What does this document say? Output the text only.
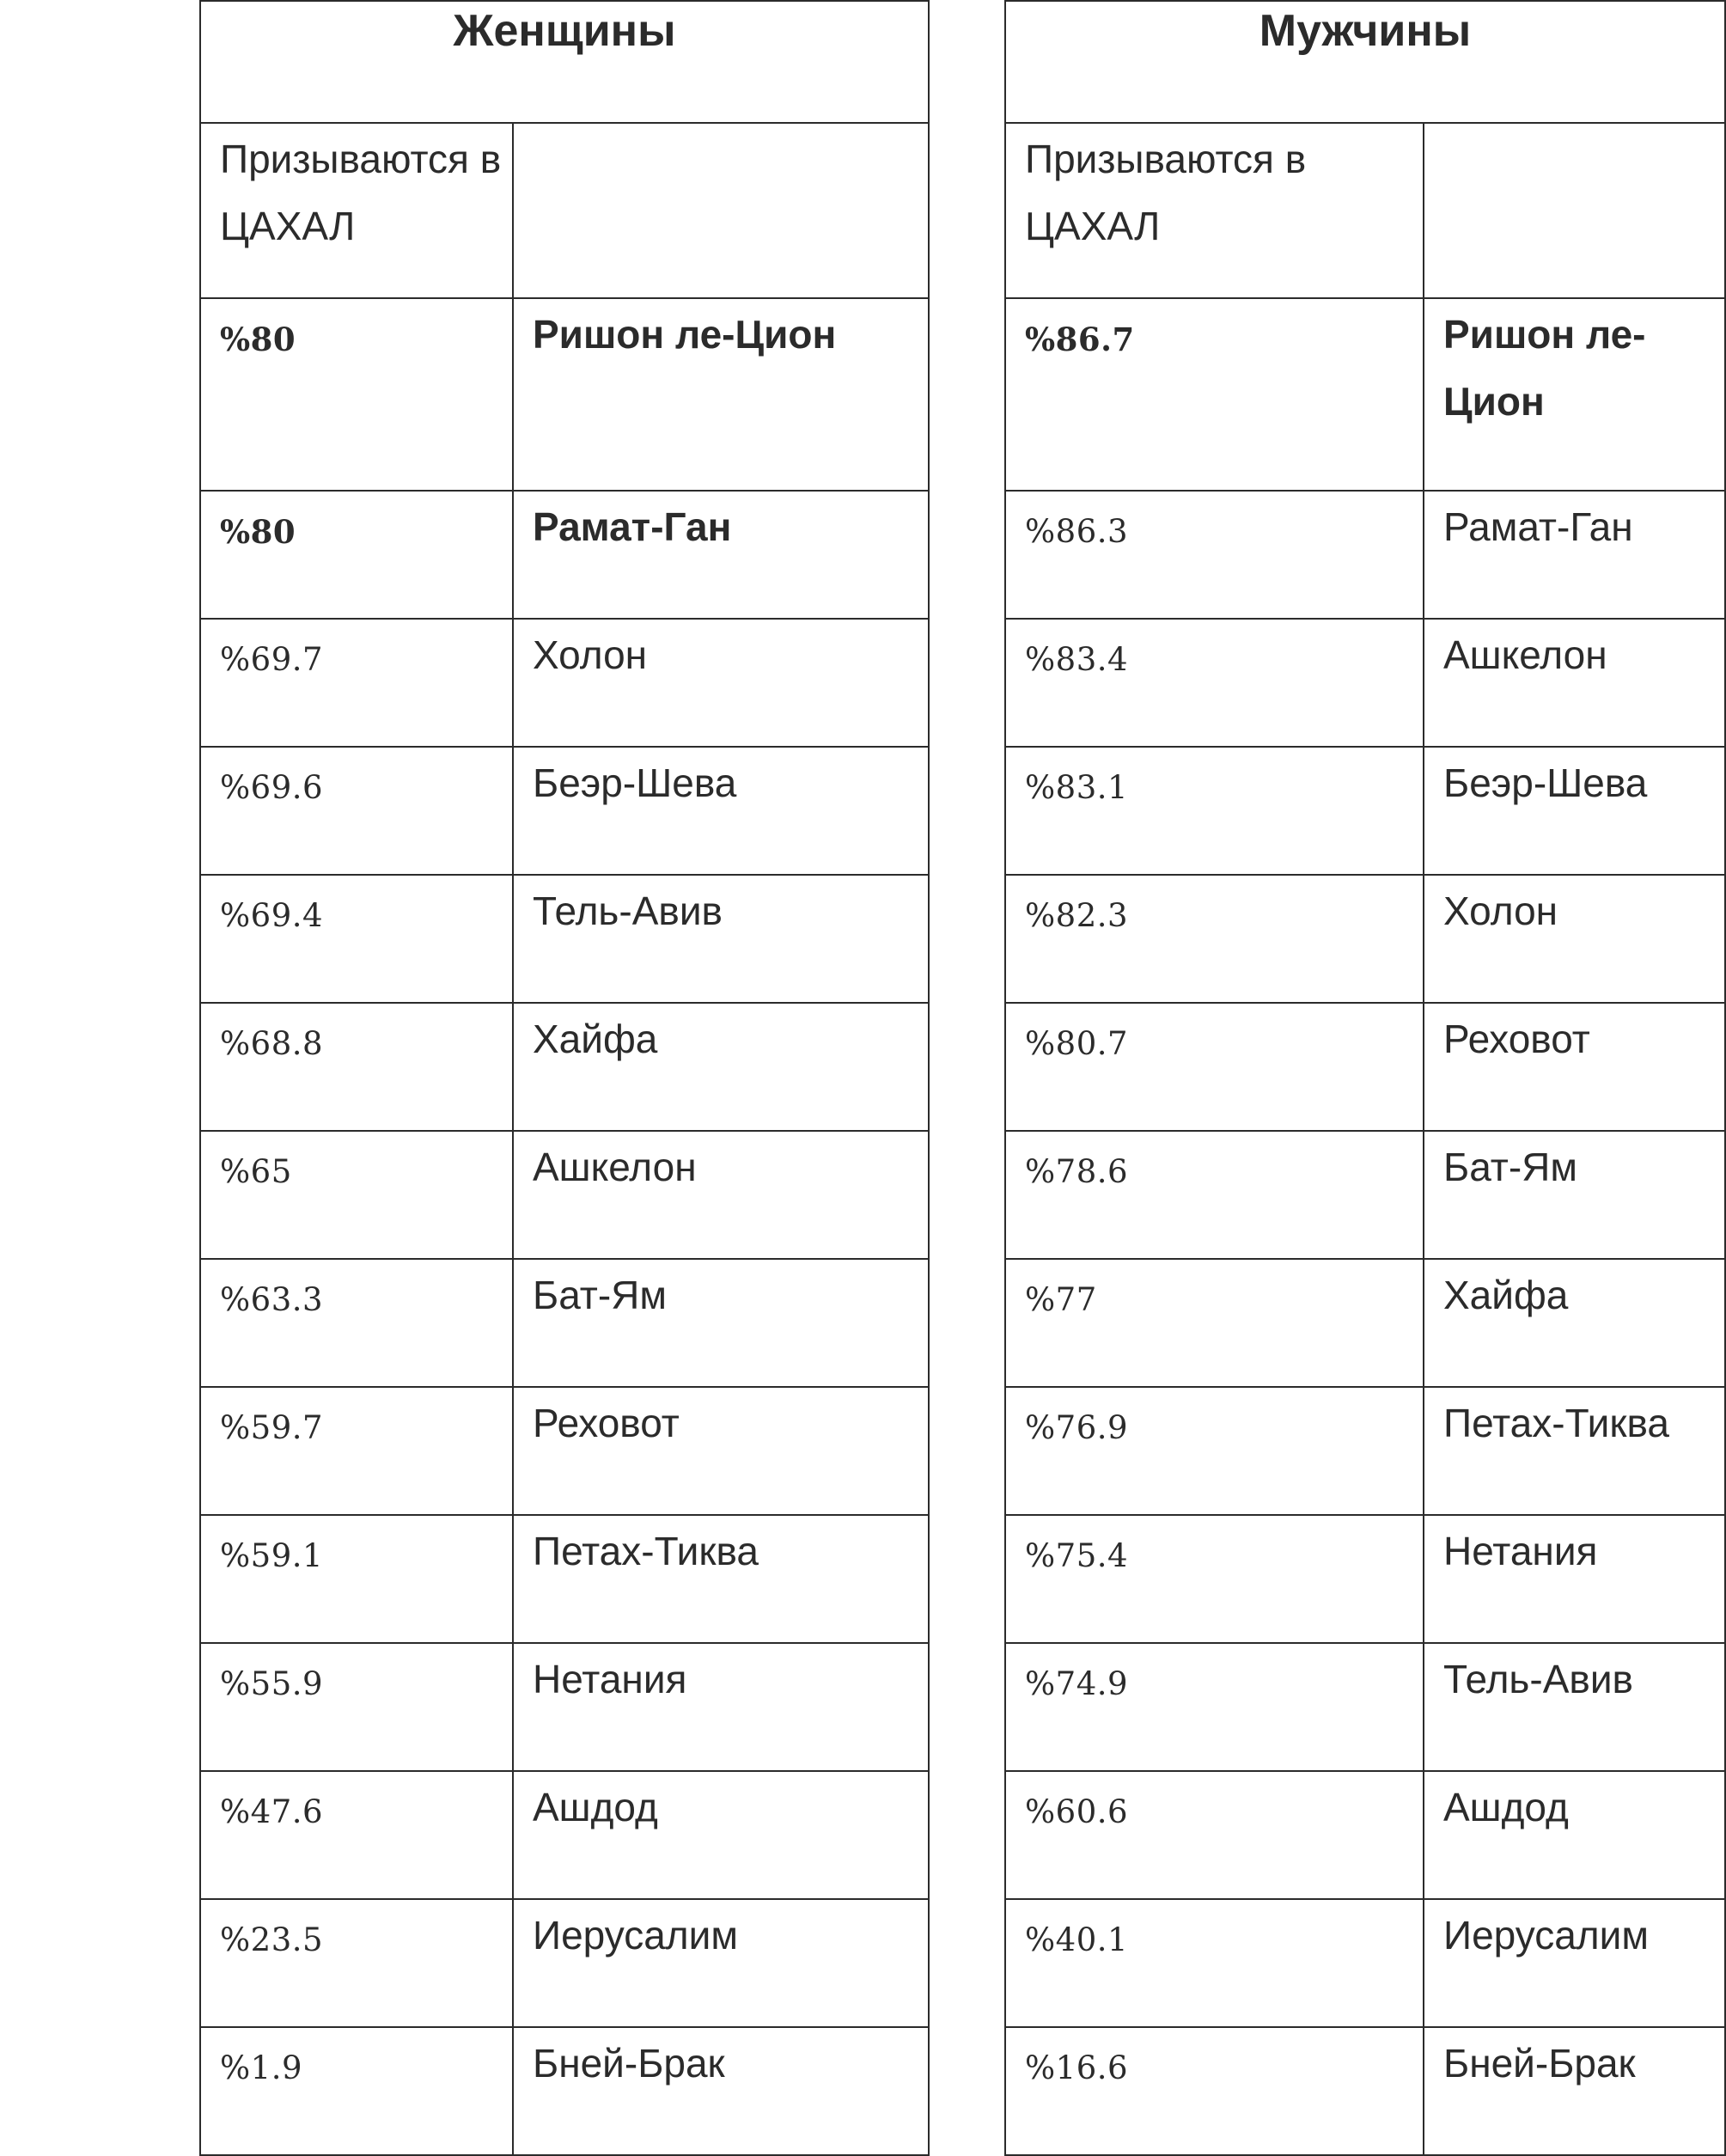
Женщины	
Призываются в ЦАХАЛ	
%80	Ришон ле-Цион
%80	Рамат-Ган
%69.7	Холон
%69.6	Беэр-Шева
%69.4	Тель-Авив
%68.8	Хайфа
%65	Ашкелон
%63.3	Бат-Ям
%59.7	Реховот
%59.1	Петах-Тиква
%55.9	Нетания
%47.6	Ашдод
%23.5	Иерусалим
%1.9	Бней-Брак
Мужчины	
Призываются в ЦАХАЛ	
%86.7	Ришон ле-Цион
%86.3	Рамат-Ган
%83.4	Ашкелон
%83.1	Беэр-Шева
%82.3	Холон
%80.7	Реховот
%78.6	Бат-Ям
%77	Хайфа
%76.9	Петах-Тиква
%75.4	Нетания
%74.9	Тель-Авив
%60.6	Ашдод
%40.1	Иерусалим
%16.6	Бней-Брак
